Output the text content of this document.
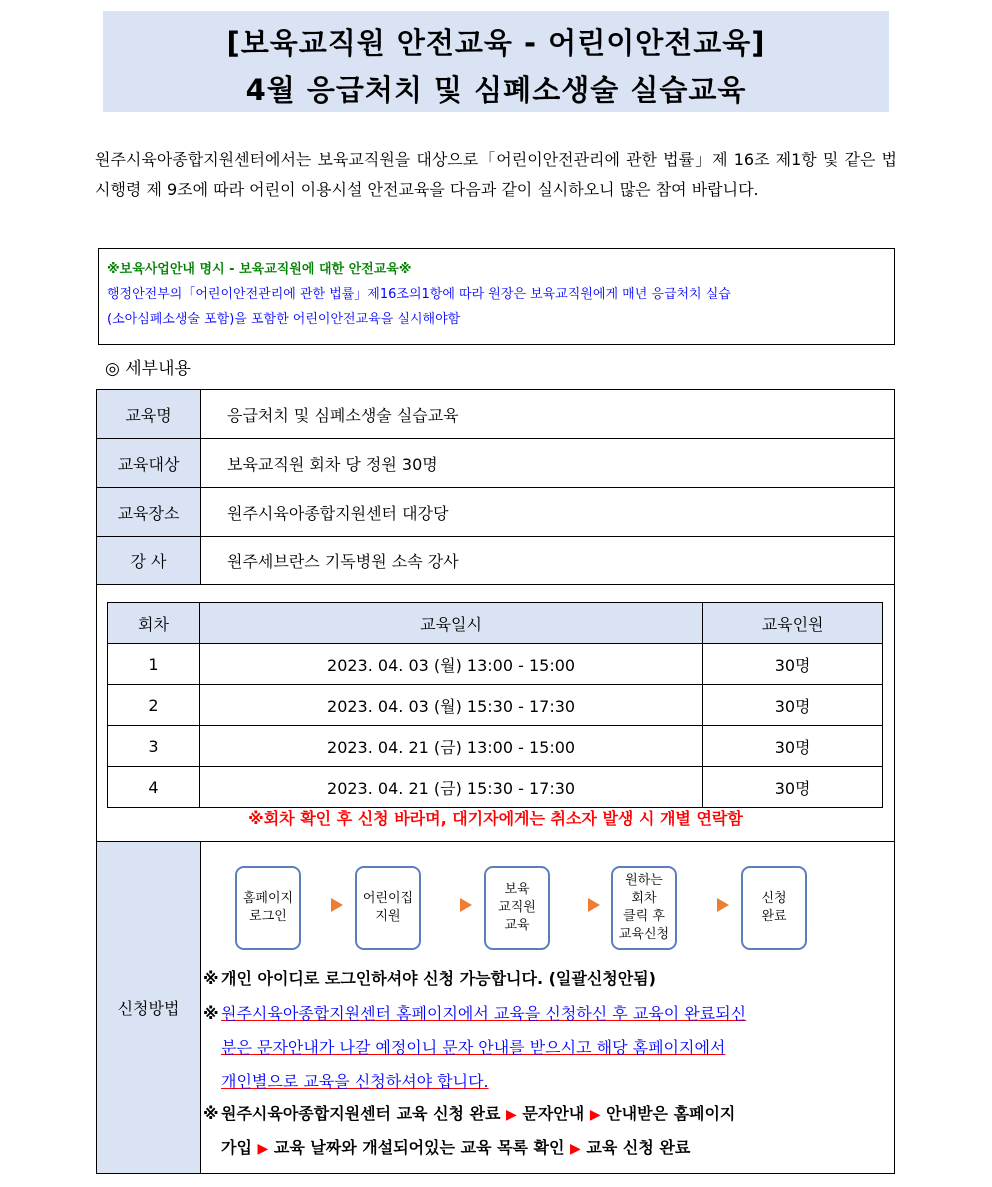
[보육교직원 안전교육 - 어린이안전교육]
4월 응급처치 및 심폐소생술 실습교육
원주시육아종합지원센터에서는 보육교직원을 대상으로「어린이안전관리에 관한 법률」제 16조 제1항 및 같은 법 시행령 제 9조에 따라 어린이 이용시설 안전교육을 다음과 같이 실시하오니 많은 참여 바랍니다.
※보육사업안내 명시 - 보육교직원에 대한 안전교육※
행정안전부의「어린이안전관리에 관한 법률」제16조의1항에 따라 원장은 보육교직원에게 매년 응급처치 실습
(소아심폐소생술 포함)을 포함한 어린이안전교육을 실시해야함
◎ 세부내용
교육명	응급처치 및 심폐소생술 실습교육
교육대상	보육교직원 회차 당 정원 30명
교육장소	원주시육아종합지원센터 대강당
강 사	원주세브란스 기독병원 소속 강사
회차	교육일시	교육인원
1	2023. 04. 03 (월) 13:00 - 15:00	30명
2	2023. 04. 03 (월) 15:30 - 17:30	30명
3	2023. 04. 21 (금) 13:00 - 15:00	30명
4	2023. 04. 21 (금) 15:30 - 17:30	30명
※회차 확인 후 신청 바라며, 대기자에게는 취소자 발생 시 개별 연락함
신청방법
홈페이지
로그인
어린이집
지원
보육
교직원
교육
원하는
회차
클릭 후
교육신청
신청
완료
※ 개인 아이디로 로그인하셔야 신청 가능합니다. (일괄신청안됨)
※ 원주시육아종합지원센터 홈페이지에서 교육을 신청하신 후 교육이 완료되신
분은 문자안내가 나갈 예정이니 문자 안내를 받으시고 해당 홈페이지에서
개인별으로 교육을 신청하셔야 합니다.
※ 원주시육아종합지원센터 교육 신청 완료 ▶ 문자안내 ▶ 안내받은 홈페이지
가입 ▶ 교육 날짜와 개설되어있는 교육 목록 확인 ▶ 교육 신청 완료
